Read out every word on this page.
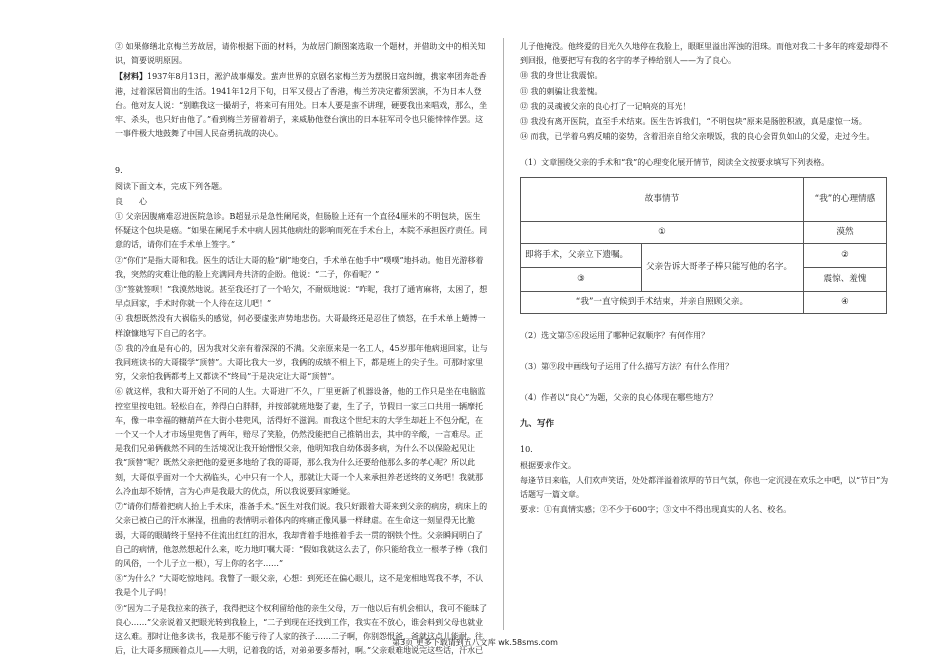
② 如果修缮北京梅兰芳故居，请你根据下面的材料，为故居门额图案选取一个题材，并借助文中的相关知识，简要说明原因。

【材料】1937年8月13日，淞沪战事爆发。蜚声世界的京剧名家梅兰芳为摆脱日寇纠缠，携家率团奔赴香港，过着深居简出的生活。1941年12月下旬，日军又侵占了香港，梅兰芳决定蓄须罢演，不为日本人登台。他对友人说：“别瞧我这一撮胡子，将来可有用处。日本人要是蛮不讲理，硬要我出来唱戏，那么，坐牢、杀头，也只好由他了。”看到梅兰芳留着胡子，来威胁他登台演出的日本驻军司令也只能悻悻作罢。这一事件极大地鼓舞了中国人民奋勇抗战的决心。

9.

阅读下面文本，完成下列各题。

良　　心

① 父亲因腹痛难忍进医院急诊。B超显示是急性阑尾炎，但肠脸上还有一个直径4厘米的不明包块，医生怀疑这个包块是癌。“如果在阑尾手术中病人因其他病灶的影响而死在手术台上，本院不承担医疗责任。同意的话，请你们在手术单上签字。”

②“你们”是指大哥和我。医生的话让大哥的脸“刷”地变白，手术单在他手中“噗噗”地抖动。他目光游移着我，突然的灾难让他的脸上充满同舟共济的企盼。他说：“二子，你看呢？”

③“签就签呗！”我漠然地说。甚至我还打了一个哈欠，不耐烦地说：“咋呢，我打了通宵麻将，太困了，想早点回家，手术时你就一个人待在这儿吧！”

④ 我想既然没有大祸临头的感觉，何必要虚张声势地悲伤。大哥最终还是忍住了愤怒，在手术单上蜷博一样潦慷地写下自己的名字。

⑤ 我的冷血是有心的，因为我对父亲有着深深的不满。父亲原来是一名工人，45岁那年他病退回家，让与我同班读书的大哥辍学“顶替”。大哥比我大一岁，我俩的成绩不相上下，都是班上的尖子生。可那时家里穷，父亲怕我俩都考上又都读不“终局”于是决定让大哥“顶替”。

⑥ 就这样，我和大哥开始了不同的人生。大哥进厂不久，厂里更新了机器设备，他的工作只是坐在电脑监控室里按电钮。轻松自在，养得白白胖胖，并按部就班地娶了妻，生了子，节假日一家三口共用一辆摩托车，像一串幸福的糖葫芦在大街小巷兜风，活得好不滋润。而我这个世纪末的大学生却赶上不包分配，在一个又一个人才市场里兜售了两年，赔尽了笑脸，仍然没能把自己推销出去，其中的辛酸，一言难尽。正是我们兄弟俩截然不同的生活境况让我开始憎恨父亲，他明知我自幼体弱多病，为什么不以保险起见让我“顶替”呢？既然父亲把他的爱更多地给了我的哥哥，那么我为什么还要给他那么多的孝心呢？所以此刻，大哥似乎面对一个大祸临头，心中只有一个人，那就让大哥一个人来承担养老送终的义务吧！我就那么冷血却不矫情，言为心声是我最大的优点，所以我说要回家睡觉。

⑦“请你们帮着把病人抬上手术床，准备手术。”医生对我们说。我只好跟着大哥来到父亲的病房，病床上的父亲已被白己的汗水淋湿，扭曲的表情明示着体内的疼痛正像风暴一样肆虐。在生命这一刻显得无比脆弱，大哥的眼睛终于坚持不住流出红红的泪水，我却背着手地推着手去一贯的钢铁个性。父亲瞬间明白了自己的病情，他忽然想起什么来，吃力地叮嘱大哥：“假如我就这么去了，你只能给我立一根孝子棒（我们的风俗，一个儿子立一根），写上你的名字……”

⑧“为什么？”大哥吃惊地问。我瞥了一眼父亲，心想：到死还在偏心眼儿，这不是宠相地骂我不孝，不认我是个儿子吗！

⑨“因为二子是我拉来的孩子，我得把这个权利留给他的亲生父母，万一他以后有机会相认，我可不能昧了良心……”父亲说着又把眼光转到我脸上，“二子到现在还找到工作，我实在不放心，谁会料到父母也就业这么难。那时让他多读书，我是那不能亏待了人家的孩子……二子啊，你别怨恨爸，爸就这点儿能耐。往后，让大哥多照顾着点儿——大明，记着我的话，对弟弟要多帮衬，啊。”父亲艰难地说完这些话，汗水已

儿子他掩没。他终爱的目光久久地停在我脸上，眼眶里溢出浑浊的泪珠。而他对我二十多年的疼爱却得不到回报，他要把写有我的名字的孝子棒给别人——为了良心。

⑩ 我的身世让我震惊。

⑪ 我的刺骗让我羞愧。

⑫ 我的灵魂被父亲的良心打了一记响亮的耳光！

⑬ 我没有离开医院，直至手术结束。医生告诉我们，“不明包块”原来是肠腔积液，真是虚惊一场。

⑭ 而我，已学着乌鸦反哺的姿势，含着泪亲自给父亲喂饭，我的良心会胃负如山的父爱，走过今生。

（1）文章围绕父亲的手术和“我”的心理变化展开情节，阅读全文按要求填写下列表格。

故事情节		“我”的心理情感
①		漠然
即将手术，父亲立下遗嘱。	父亲告诉大哥孝子棒只能写他的名字。	②
③		震惊、羞愧
“我”一直守候到手术结束，并亲自照顾父亲。		④

（2）选文第⑤⑥段运用了哪种记叙顺序？有何作用？

（3）第⑨段中画线句子运用了什么描写方法？有什么作用？

（4）作者以“良心”为题，父亲的良心体现在哪些地方？

九、写作

10.

根据要求作文。

每逢节日来临，人们欢声笑语，处处都洋溢着浓厚的节日气氛，你也一定沉浸在欢乐之中吧，以“节日”为话题写一篇文章。

要求：①有真情实感；②不少于600字；③文中不得出现真实的人名、校名。

第3页 更多下载请到五八文库 wk.58sms.com
